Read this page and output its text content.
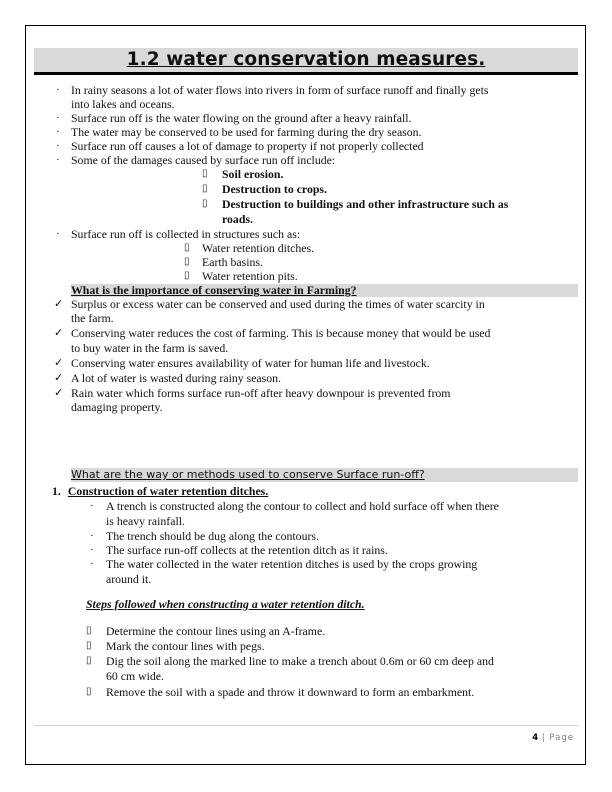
1.2 water conservation measures.
· In rainy seasons a lot of water flows into rivers in form of surface runoff and finally gets
into lakes and oceans.
· Surface run off is the water flowing on the ground after a heavy rainfall.
· The water may be conserved to be used for farming during the dry season.
· Surface run off causes a lot of damage to property if not properly collected
· Some of the damages caused by surface run off include:
▯ Soil erosion.
▯ Destruction to crops.
▯ Destruction to buildings and other infrastructure such as
roads.
· Surface run off is collected in structures such as:
▯ Water retention ditches.
▯ Earth basins.
▯ Water retention pits.
What is the importance of conserving water in Farming?
✓ Surplus or excess water can be conserved and used during the times of water scarcity in
the farm.
✓ Conserving water reduces the cost of farming. This is because money that would be used
to buy water in the farm is saved.
✓ Conserving water ensures availability of water for human life and livestock.
✓ A lot of water is wasted during rainy season.
✓ Rain water which forms surface run-off after heavy downpour is prevented from
damaging property.
What are the way or methods used to conserve Surface run-off?
1. Construction of water retention ditches.
· A trench is constructed along the contour to collect and hold surface off when there
is heavy rainfall.
· The trench should be dug along the contours.
· The surface run-off collects at the retention ditch as it rains.
· The water collected in the water retention ditches is used by the crops growing
around it.
Steps followed when constructing a water retention ditch.
▯ Determine the contour lines using an A-frame.
▯ Mark the contour lines with pegs.
▯ Dig the soil along the marked line to make a trench about 0.6m or 60 cm deep and
60 cm wide.
▯ Remove the soil with a spade and throw it downward to form an embarkment.
4 | Page
